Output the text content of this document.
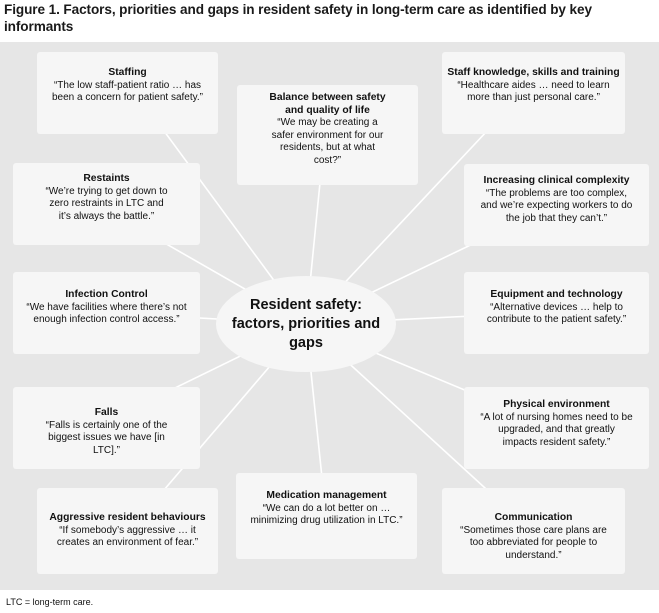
Figure 1. Factors, priorities and gaps in resident safety in long-term care as identified by key informants
Staffing
“The low staff-patient ratio … has been a concern for patient safety.”	Balance between safety and quality of life
“We may be creating a safer environment for our residents, but at what cost?”
Staff knowledge, skills and training
“Healthcare aides … need to learn more than just personal care.”
Restaints
“We’re trying to get down to zero restraints in LTC and it’s always the battle.”
Increasing clinical complexity
“The problems are too complex, and we’re expecting workers to do the job that they can’t.”
Infection Control
“We have facilities where there’s not enough infection control access.”
Resident safety: factors, priorities and gaps
Equipment and technology
“Alternative devices … help to contribute to the patient safety.”
Falls
“Falls is certainly one of the biggest issues we have [in LTC].”
Physical environment
“A lot of nursing homes need to be upgraded, and that greatly impacts resident safety.”
Aggressive resident behaviours
“If somebody’s aggressive … it creates an environment of fear.”
Medication management
“We can do a lot better on … minimizing drug utilization in LTC.”	Communication
“Sometimes those care plans are too abbreviated for people to understand.”
LTC = long-term care.
